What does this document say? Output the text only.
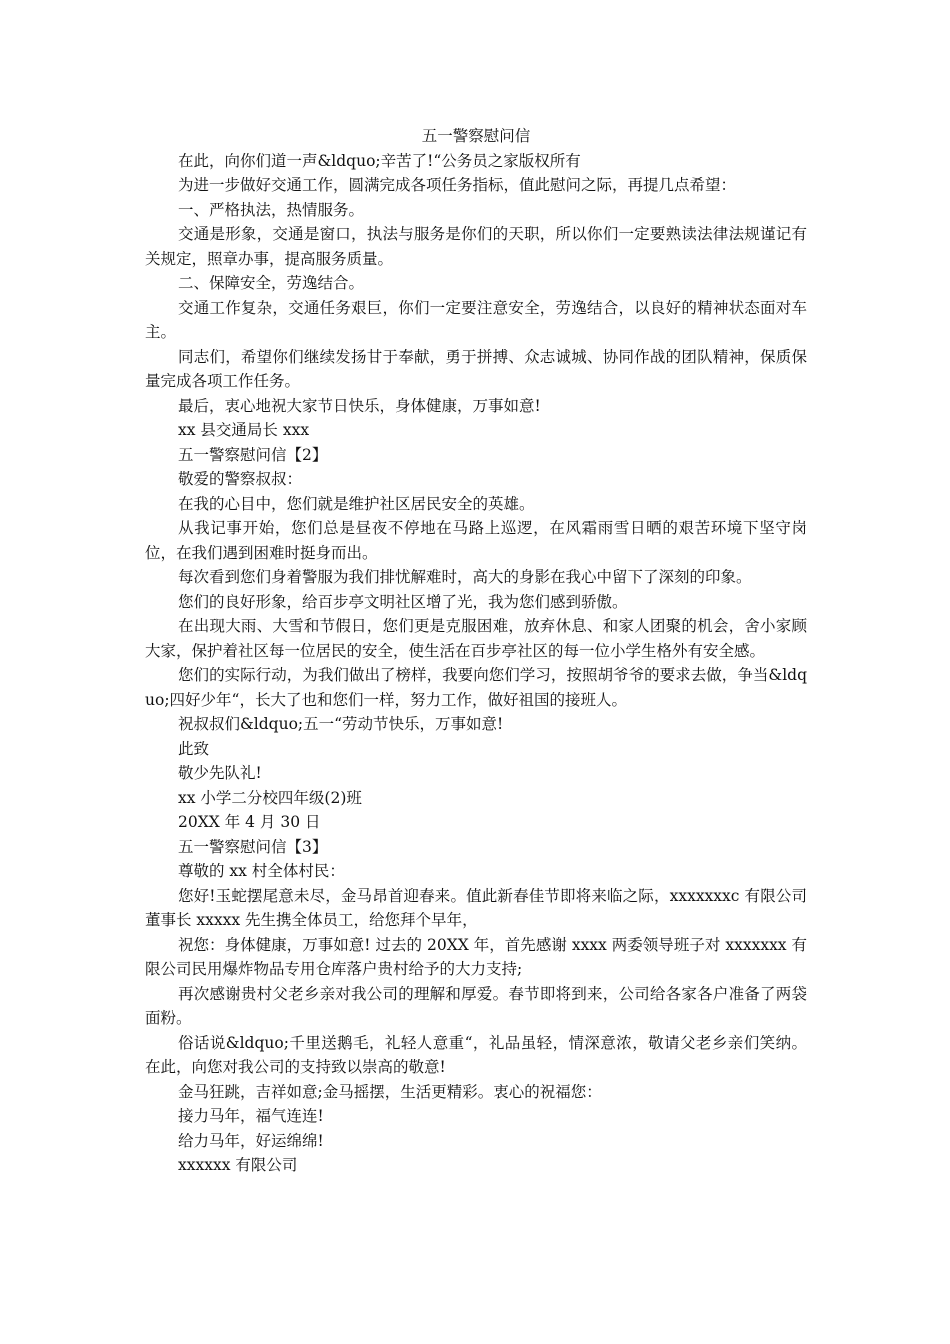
五一警察慰问信

在此，向你们道一声&ldquo;辛苦了!“公务员之家版权所有

为进一步做好交通工作，圆满完成各项任务指标，值此慰问之际，再提几点希望：

一、严格执法，热情服务。

交通是形象，交通是窗口，执法与服务是你们的天职，所以你们一定要熟读法律法规谨记有关规定，照章办事，提高服务质量。

二、保障安全，劳逸结合。

交通工作复杂，交通任务艰巨，你们一定要注意安全，劳逸结合，以良好的精神状态面对车主。

同志们，希望你们继续发扬甘于奉献，勇于拼搏、众志诚城、协同作战的团队精神，保质保量完成各项工作任务。

最后，衷心地祝大家节日快乐，身体健康，万事如意!

xx 县交通局长 xxx

五一警察慰问信【2】

敬爱的警察叔叔：

在我的心目中，您们就是维护社区居民安全的英雄。

从我记事开始，您们总是昼夜不停地在马路上巡逻，在风霜雨雪日晒的艰苦环境下坚守岗位，在我们遇到困难时挺身而出。

每次看到您们身着警服为我们排忧解难时，高大的身影在我心中留下了深刻的印象。

您们的良好形象，给百步亭文明社区增了光，我为您们感到骄傲。

在出现大雨、大雪和节假日，您们更是克服困难，放弃休息、和家人团聚的机会，舍小家顾大家，保护着社区每一位居民的安全，使生活在百步亭社区的每一位小学生格外有安全感。

您们的实际行动，为我们做出了榜样，我要向您们学习，按照胡爷爷的要求去做，争当&ldquo;四好少年“，长大了也和您们一样，努力工作，做好祖国的接班人。

祝叔叔们&ldquo;五一“劳动节快乐，万事如意!

此致

敬少先队礼!

xx 小学二分校四年级(2)班

20XX 年 4 月 30 日

五一警察慰问信【3】

尊敬的 xx 村全体村民：

您好!玉蛇摆尾意未尽，金马昂首迎春来。值此新春佳节即将来临之际，xxxxxxxc 有限公司董事长 xxxxx 先生携全体员工，给您拜个早年，

祝您：身体健康，万事如意! 过去的 20XX 年，首先感谢 xxxx 两委领导班子对 xxxxxxx 有限公司民用爆炸物品专用仓库落户贵村给予的大力支持;

再次感谢贵村父老乡亲对我公司的理解和厚爱。春节即将到来，公司给各家各户准备了两袋面粉。

俗话说&ldquo;千里送鹅毛，礼轻人意重“，礼品虽轻，情深意浓，敬请父老乡亲们笑纳。 在此，向您对我公司的支持致以崇高的敬意!

金马狂跳，吉祥如意;金马摇摆，生活更精彩。衷心的祝福您：

接力马年，福气连连!

给力马年，好运绵绵!

xxxxxx 有限公司
